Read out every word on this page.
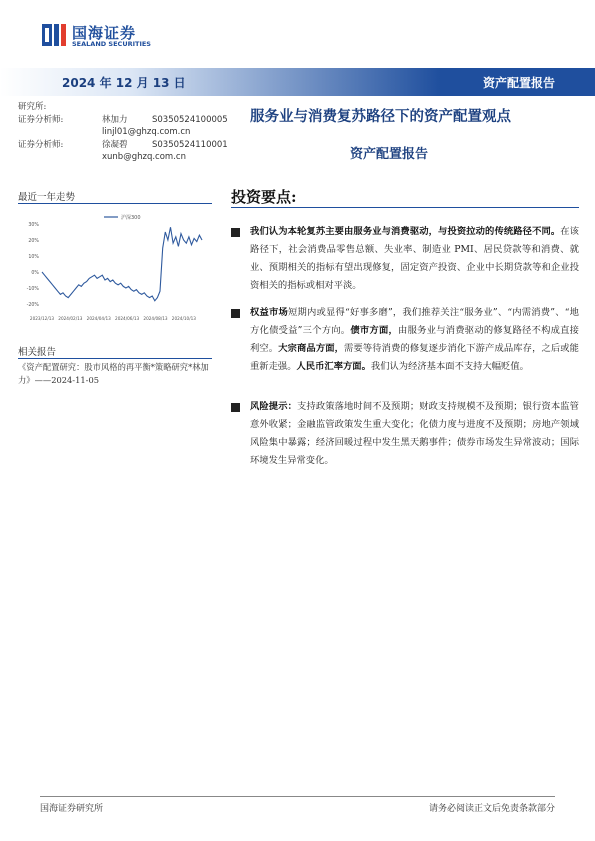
国海证券
SEALAND SECURITIES
2024 年 12 月 13 日	资产配置报告
研究所:
证券分析师:	林加力	S0350524100005
linjl01@ghzq.com.cn
证券分析师:	徐凝碧	S0350524110001
xunb@ghzq.com.cn
服务业与消费复苏路径下的资产配置观点
资产配置报告
最近一年走势
30%
20%
10%
0%
-10%
-20%
2023/12/13 2024/02/13 2024/04/13 2024/06/13 2024/08/13 2024/10/13
沪深300
相关报告
《资产配置研究：股市风格的再平衡*策略研究*林加力》——2024-11-05
投资要点:
我们认为本轮复苏主要由服务业与消费驱动，与投资拉动的传统路径不同。在该路径下，社会消费品零售总额、失业率、制造业 PMI、居民贷款等和消费、就业、预期相关的指标有望出现修复，固定资产投资、企业中长期贷款等和企业投资相关的指标或相对平淡。
权益市场短期内或显得“好事多磨”，我们推荐关注“服务业”、“内需消费”、“地方化债受益”三个方向。债市方面，由服务业与消费驱动的修复路径不构成直接利空。大宗商品方面，需要等待消费的修复逐步消化下游产成品库存，之后或能重新走强。人民币汇率方面。我们认为经济基本面不支持大幅贬值。
风险提示：支持政策落地时间不及预期；财政支持规模不及预期；银行资本监管意外收紧；金融监管政策发生重大变化；化债力度与进度不及预期；房地产领域风险集中暴露；经济回暖过程中发生黑天鹅事件；债券市场发生异常波动；国际环境发生异常变化。
国海证券研究所	请务必阅读正文后免责条款部分
